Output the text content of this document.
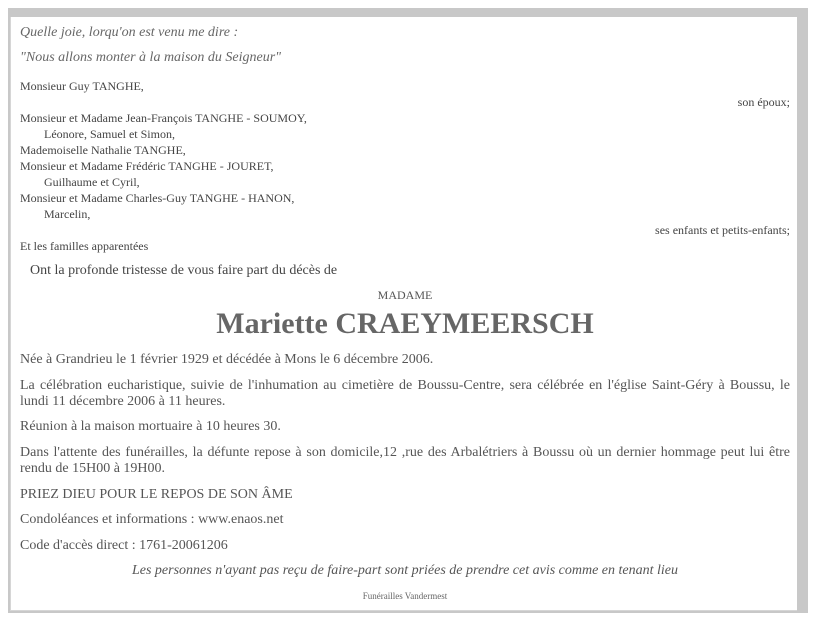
Quelle joie, lorqu'on est venu me dire :
"Nous allons monter à la maison du Seigneur"
Monsieur Guy TANGHE,
son époux;
Monsieur et Madame Jean-François TANGHE - SOUMOY,
Léonore, Samuel et Simon,
Mademoiselle Nathalie TANGHE,
Monsieur et Madame Frédéric TANGHE - JOURET,
Guilhaume et Cyril,
Monsieur et Madame Charles-Guy TANGHE - HANON,
Marcelin,
ses enfants et petits-enfants;
Et les familles apparentées
Ont la profonde tristesse de vous faire part du décès de
MADAME
Mariette CRAEYMEERSCH
Née à Grandrieu le 1 février 1929 et décédée à Mons le 6 décembre 2006.
La célébration eucharistique, suivie de l'inhumation au cimetière de Boussu-Centre, sera célébrée en l'église Saint-Géry à Boussu, le lundi 11 décembre 2006 à 11 heures.
Réunion à la maison mortuaire à 10 heures 30.
Dans l'attente des funérailles, la défunte repose à son domicile,12 ,rue des Arbalétriers à Boussu où un dernier hommage peut lui être rendu de 15H00 à 19H00.
PRIEZ DIEU POUR LE REPOS DE SON ÂME
Condoléances et informations : www.enaos.net
Code d'accès direct : 1761-20061206
Les personnes n'ayant pas reçu de faire-part sont priées de prendre cet avis comme en tenant lieu
Funérailles Vandermest
